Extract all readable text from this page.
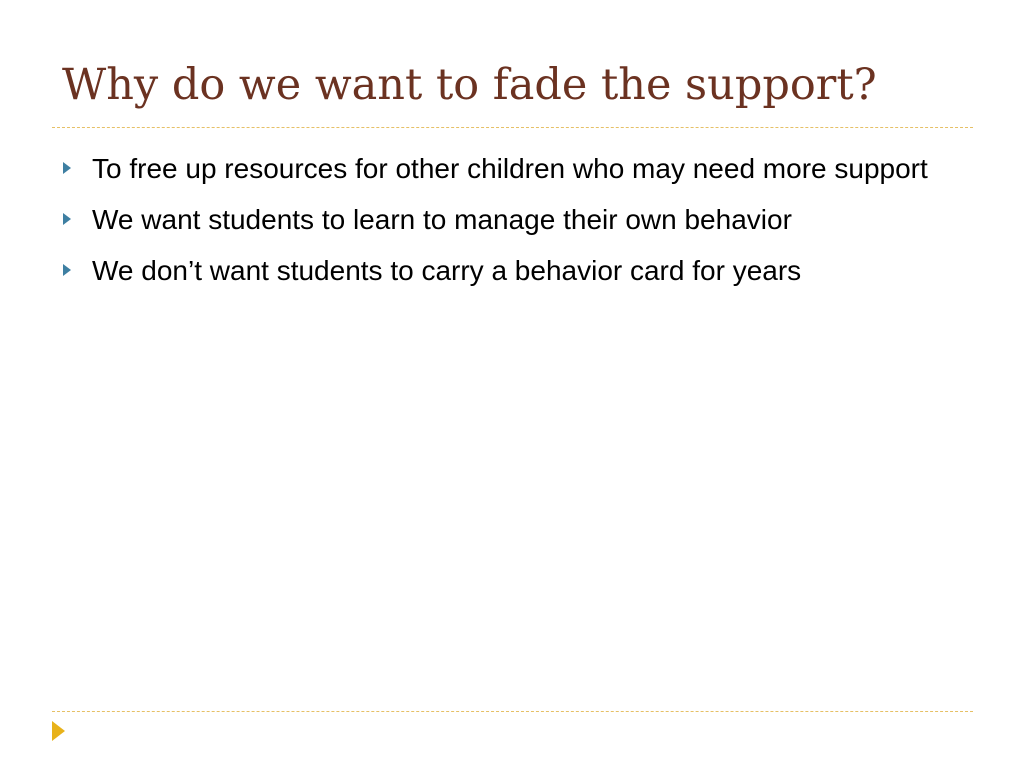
Why do we want to fade the support?
To free up resources for other children who may need more support
We want students to learn to manage their own behavior
We don’t want students to carry a behavior card for years
